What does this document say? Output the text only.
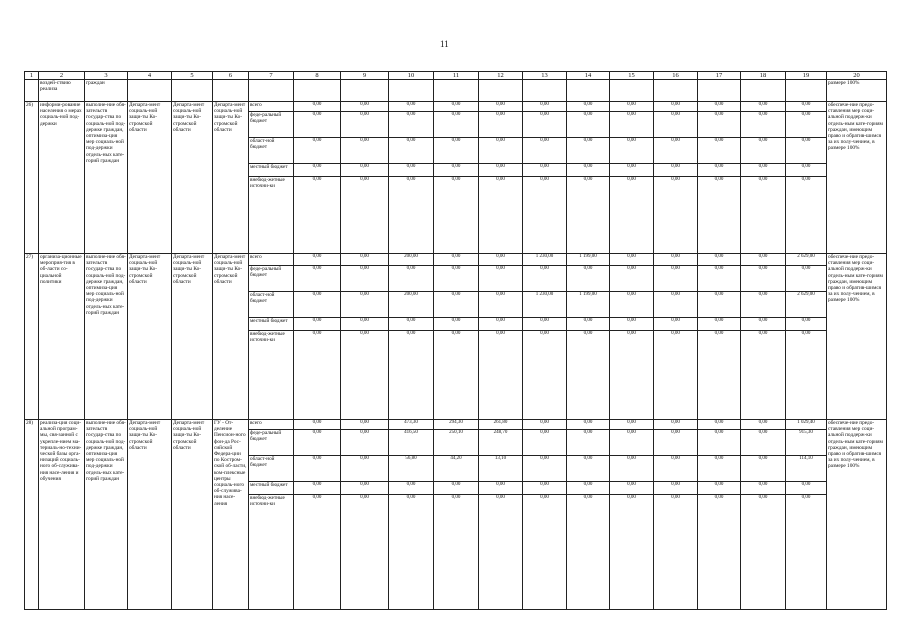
11
1	2	3	4	5	6	7	8	9	10	11	12	13	14	15	16	17	18	19	20
	воздей-ствию реализа	граждан																	размере 100%
26)	информи-рование населения о мерах социаль-ной под-держки	выполне-ние обя-зательств государ-ства по социаль-ной под-держке граждан, оптимиза-ция мер социаль-ной под-держки отдель-ных кате-горий граждан	Департа-мент социаль-ной защи-ты Ко-стромской области	Департа-мент социаль-ной защи-ты Ко-стромской области	Департа-мент социаль-ной защи-ты Ко-стромской области	всего	0,00	0,00	0,00	0,00	0,00	0,00	0,00	0,00	0,00	0,00	0,00	0,00	обеспече-ние предо-ставления мер соци-альной поддерж-ки отдель-ным кате-гориям граждан, имеющим право и обратив-шимся за их полу-чением, в размере 100%
						феде-ральный бюджет	0,00	0,00	0,00	0,00	0,00	0,00	0,00	0,00	0,00	0,00	0,00	0,00	
						област-ной бюджет	0,00	0,00	0,00	0,00	0,00	0,00	0,00	0,00	0,00	0,00	0,00	0,00	
						местный бюджет	0,00	0,00	0,00	0,00	0,00	0,00	0,00	0,00	0,00	0,00	0,00	0,00	
						внебюд-жетные источни-ки	0,00	0,00	0,00	0,00	0,00	0,00	0,00	0,00	0,00	0,00	0,00	0,00	
27)	организа-ционные мероприя-тия в об-ласти со-циальной политики	выполне-ние обя-зательств государ-ства по социаль-ной под-держке граждан, оптимиза-ция мер социаль-ной под-держки отдель-ных кате-горий граждан	Департа-мент социаль-ной защи-ты Ко-стромской области	Департа-мент социаль-ной защи-ты Ко-стромской области	Департа-мент социаль-ной защи-ты Ко-стромской области	всего	0,00	0,00	200,00	0,00	0,00	1 230,00	1 199,00	0,00	0,00	0,00	0,00	2 629,00	обеспече-ние предо-ставления мер соци-альной поддерж-ки отдель-ным кате-гориям граждан, имеющим право и обратив-шимся за их полу-чением, в размере 100%
						феде-ральный бюджет	0,00	0,00	0,00	0,00	0,00	0,00	0,00	0,00	0,00	0,00	0,00	0,00	
						област-ной бюджет	0,00	0,00	200,00	0,00	0,00	1 230,00	1 199,00	0,00	0,00	0,00	0,00	2 629,00	
						местный бюджет	0,00	0,00	0,00	0,00	0,00	0,00	0,00	0,00	0,00	0,00	0,00	0,00	
						внебюд-жетные источни-ки	0,00	0,00	0,00	0,00	0,00	0,00	0,00	0,00	0,00	0,00	0,00	0,00	
28)	реализа-ция соци-альной програм-мы, свя-занной с укрепле-нием ма-териаль-но-техни-ческой базы орга-низаций социаль-ного об-служива-ния насе-ления и обучения	выполне-ние обя-зательств государ-ства по социаль-ной под-держке граждан, оптимиза-ция мер социаль-ной под-держки отдель-ных кате-горий граждан	Департа-мент социаль-ной защи-ты Ко-стромской области	Департа-мент социаль-ной защи-ты Ко-стромской области	ГУ - От-деление Пенсион-ного фон-да Рос-сийской Федера-ции по Костром-ской об-ласти, ком-плексные центры социаль-ного об-служива-ния насе-ления	всего	0,00	0,00	473,30	294,30	261,80	0,00	0,00	0,00	0,00	0,00	0,00	1 029,40	обеспече-ние предо-ставления мер соци-альной поддерж-ки отдель-ным кате-гориям граждан, имеющим право и обратив-шимся за их полу-чением, в размере 100%
						феде-ральный бюджет	0,00	0,00	416,50	250,10	248,70	0,00	0,00	0,00	0,00	0,00	0,00	915,30	
						област-ной бюджет	0,00	0,00	56,80	44,20	13,10	0,00	0,00	0,00	0,00	0,00	0,00	114,10	
						местный бюджет	0,00	0,00	0,00	0,00	0,00	0,00	0,00	0,00	0,00	0,00	0,00	0,00	
						внебюд-жетные источни-ки	0,00	0,00	0,00	0,00	0,00	0,00	0,00	0,00	0,00	0,00	0,00	0,00	
